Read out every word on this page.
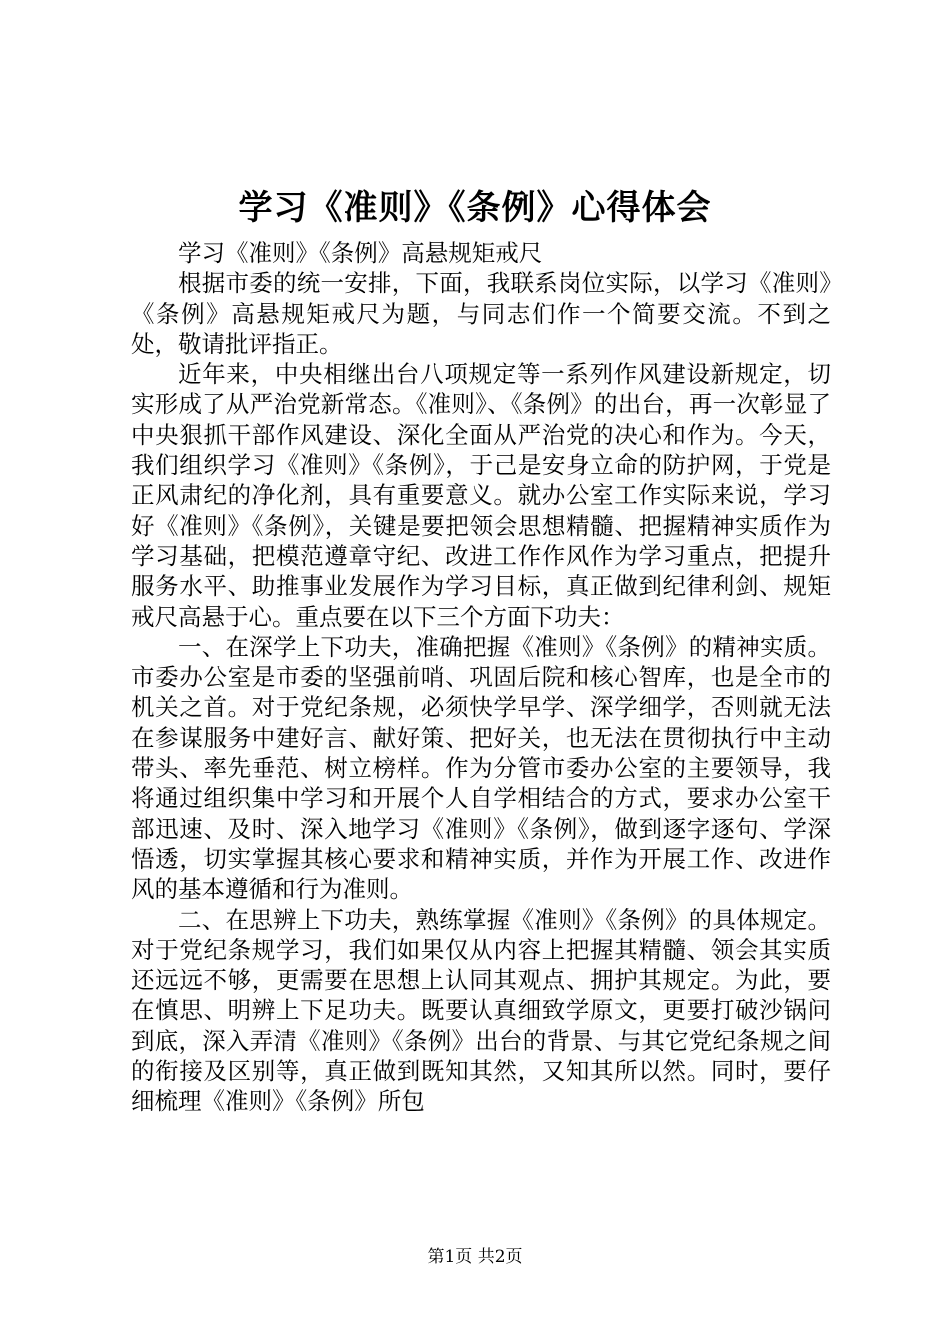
学习《准则》《条例》心得体会

学习《准则》《条例》高悬规矩戒尺

根据市委的统一安排，下面，我联系岗位实际，以学习《准则》《条例》高悬规矩戒尺为题，与同志们作一个简要交流。不到之处，敬请批评指正。

近年来，中央相继出台八项规定等一系列作风建设新规定，切实形成了从严治党新常态。《准则》、《条例》的出台，再一次彰显了中央狠抓干部作风建设、深化全面从严治党的决心和作为。今天，我们组织学习《准则》《条例》，于己是安身立命的防护网，于党是正风肃纪的净化剂，具有重要意义。就办公室工作实际来说，学习好《准则》《条例》，关键是要把领会思想精髓、把握精神实质作为学习基础，把模范遵章守纪、改进工作作风作为学习重点，把提升服务水平、助推事业发展作为学习目标，真正做到纪律利剑、规矩戒尺高悬于心。重点要在以下三个方面下功夫：

一、在深学上下功夫，准确把握《准则》《条例》的精神实质。市委办公室是市委的坚强前哨、巩固后院和核心智库，也是全市的机关之首。对于党纪条规，必须快学早学、深学细学，否则就无法在参谋服务中建好言、献好策、把好关，也无法在贯彻执行中主动带头、率先垂范、树立榜样。作为分管市委办公室的主要领导，我将通过组织集中学习和开展个人自学相结合的方式，要求办公室干部迅速、及时、深入地学习《准则》《条例》，做到逐字逐句、学深悟透，切实掌握其核心要求和精神实质，并作为开展工作、改进作风的基本遵循和行为准则。

二、在思辨上下功夫，熟练掌握《准则》《条例》的具体规定。对于党纪条规学习，我们如果仅从内容上把握其精髓、领会其实质还远远不够，更需要在思想上认同其观点、拥护其规定。为此，要在慎思、明辨上下足功夫。既要认真细致学原文，更要打破沙锅问到底，深入弄清《准则》《条例》出台的背景、与其它党纪条规之间的衔接及区别等，真正做到既知其然，又知其所以然。同时，要仔细梳理《准则》《条例》所包

第1页 共2页
